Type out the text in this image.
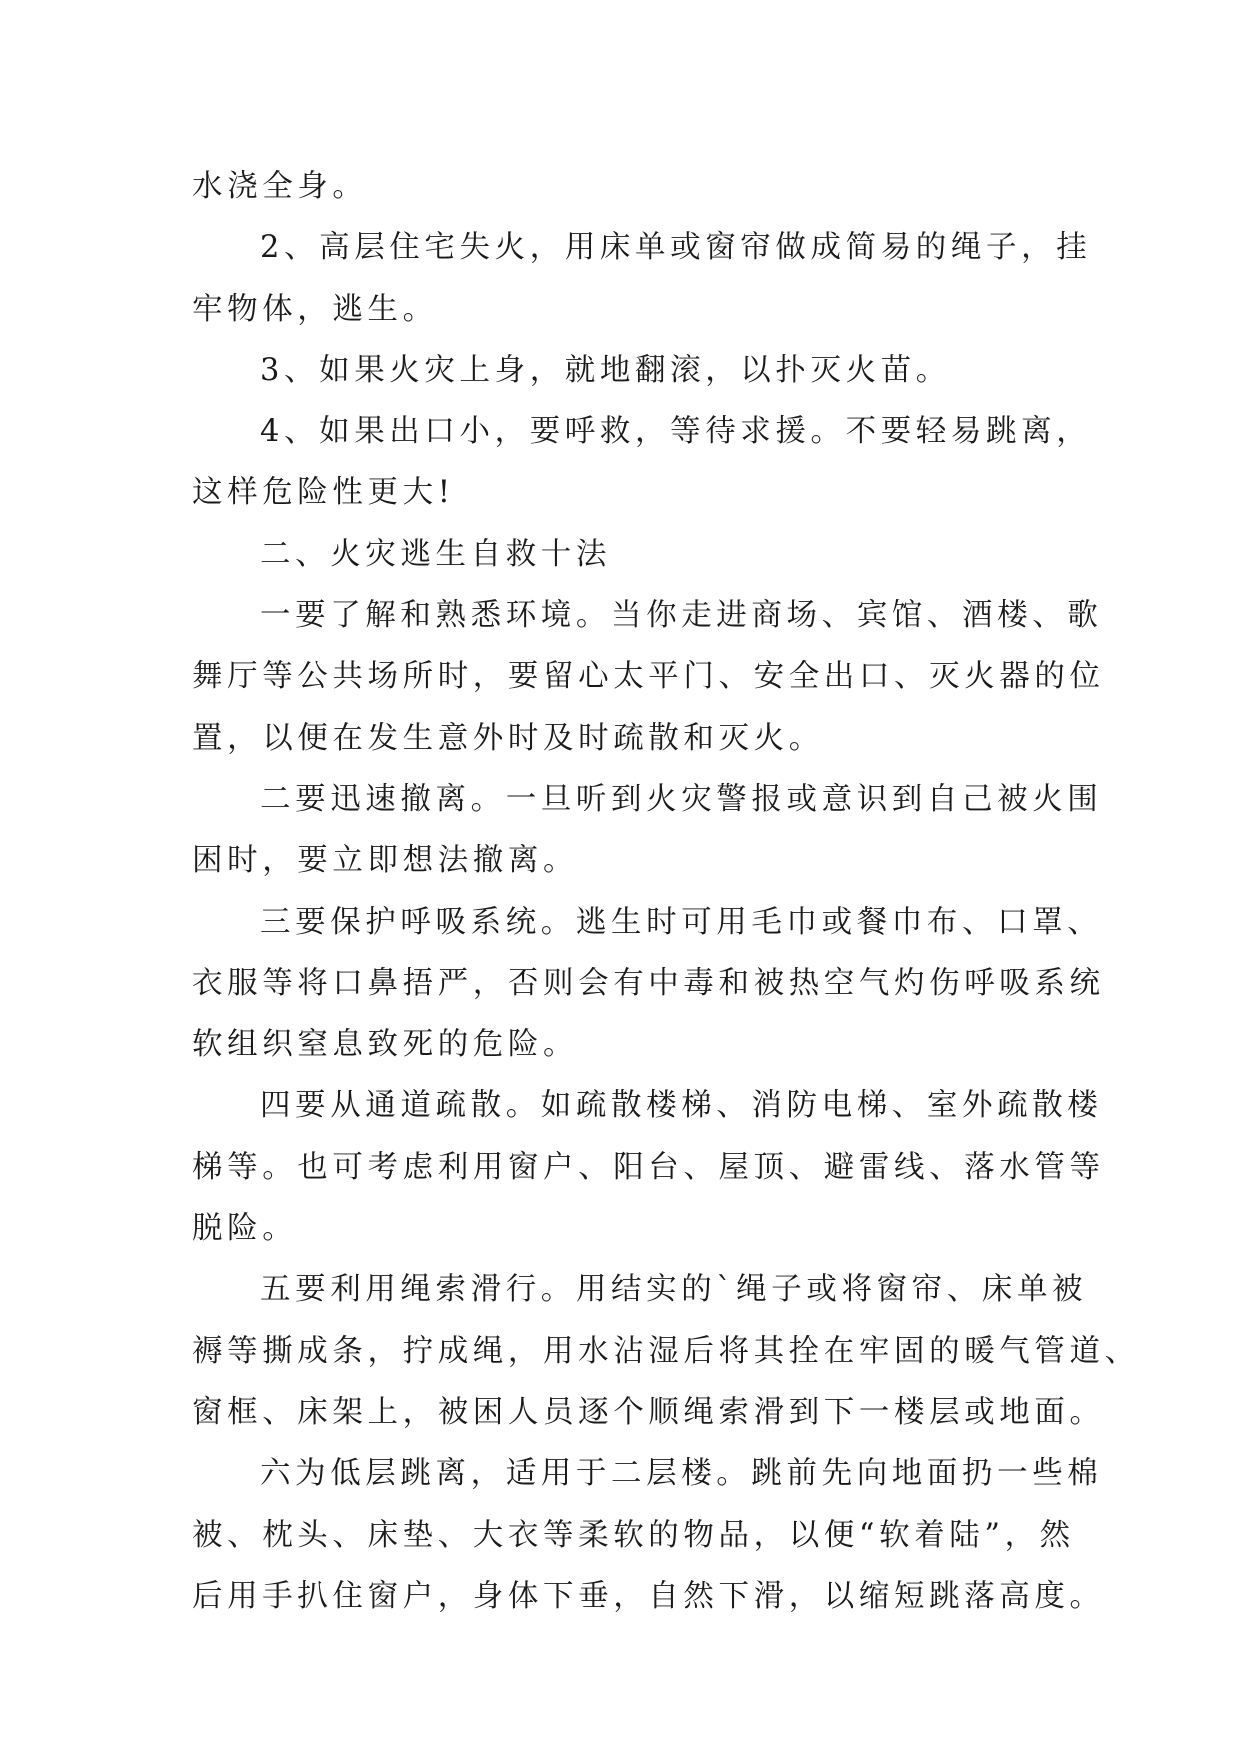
水浇全身。

2、高层住宅失火，用床单或窗帘做成简易的绳子，挂
牢物体，逃生。

3、如果火灾上身，就地翻滚，以扑灭火苗。

4、如果出口小，要呼救，等待求援。不要轻易跳离，
这样危险性更大!

二、火灾逃生自救十法

一要了解和熟悉环境。当你走进商场、宾馆、酒楼、歌
舞厅等公共场所时，要留心太平门、安全出口、灭火器的位
置，以便在发生意外时及时疏散和灭火。

二要迅速撤离。一旦听到火灾警报或意识到自己被火围
困时，要立即想法撤离。

三要保护呼吸系统。逃生时可用毛巾或餐巾布、口罩、
衣服等将口鼻捂严，否则会有中毒和被热空气灼伤呼吸系统
软组织窒息致死的危险。

四要从通道疏散。如疏散楼梯、消防电梯、室外疏散楼
梯等。也可考虑利用窗户、阳台、屋顶、避雷线、落水管等
脱险。

五要利用绳索滑行。用结实的`绳子或将窗帘、床单被
褥等撕成条，拧成绳，用水沾湿后将其拴在牢固的暖气管道、
窗框、床架上，被困人员逐个顺绳索滑到下一楼层或地面。

六为低层跳离，适用于二层楼。跳前先向地面扔一些棉
被、枕头、床垫、大衣等柔软的物品，以便“软着陆”，然
后用手扒住窗户，身体下垂，自然下滑，以缩短跳落高度。
